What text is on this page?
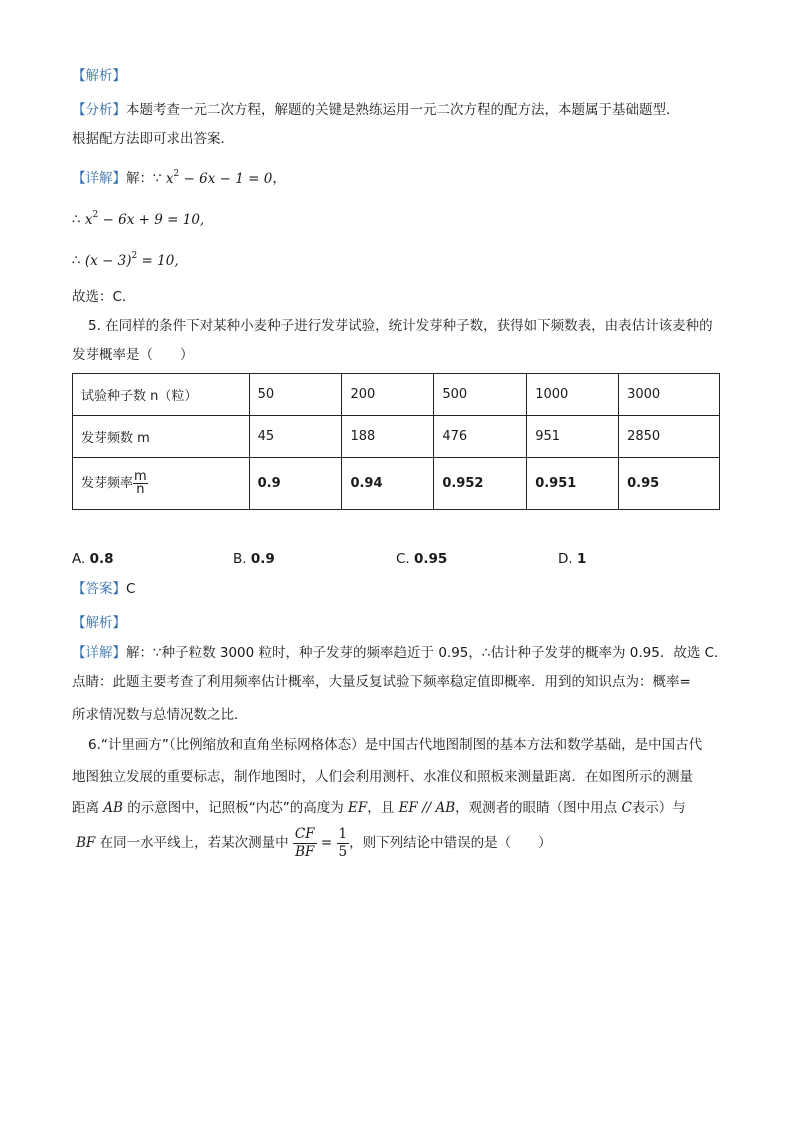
【解析】
【分析】本题考查一元二次方程，解题的关键是熟练运用一元二次方程的配方法，本题属于基础题型．
根据配方法即可求出答案．
【详解】解：∵ $x^2 - 6x - 1 = 0$，
∴ $x^2 - 6x + 9 = 10$,
∴ $(x - 3)^2 = 10$,
故选：C．
5. 在同样的条件下对某种小麦种子进行发芽试验，统计发芽种子数，获得如下频数表，由表估计该麦种的
发芽概率是（　　）
试验种子数 n（粒）	50	200	500	1000	3000
发芽频数 m	45	188	476	951	2850
发芽频率 $\frac{m}{n}$	0.9	0.94	0.952	0.951	0.95
A. 0.8	B. 0.9	C. 0.95	D. 1
【答案】C
【解析】
【详解】解：∵种子粒数 3000 粒时，种子发芽的频率趋近于 0.95，∴估计种子发芽的概率为 0.95．故选 C．
点睛：此题主要考查了利用频率估计概率，大量反复试验下频率稳定值即概率．用到的知识点为：概率=
所求情况数与总情况数之比．
6.“计里画方”（比例缩放和直角坐标网格体态）是中国古代地图制图的基本方法和数学基础，是中国古代
地图独立发展的重要标志，制作地图时，人们会利用测杆、水准仪和照板来测量距离．在如图所示的测量
距离 AB 的示意图中，记照板“内芯”的高度为 EF，且 EF // AB，观测者的眼睛（图中用点 C表示）与
BF 在同一水平线上，若某次测量中 $\frac{CF}{BF} = \frac{1}{5}$ ，则下列结论中错误的是（　　）
